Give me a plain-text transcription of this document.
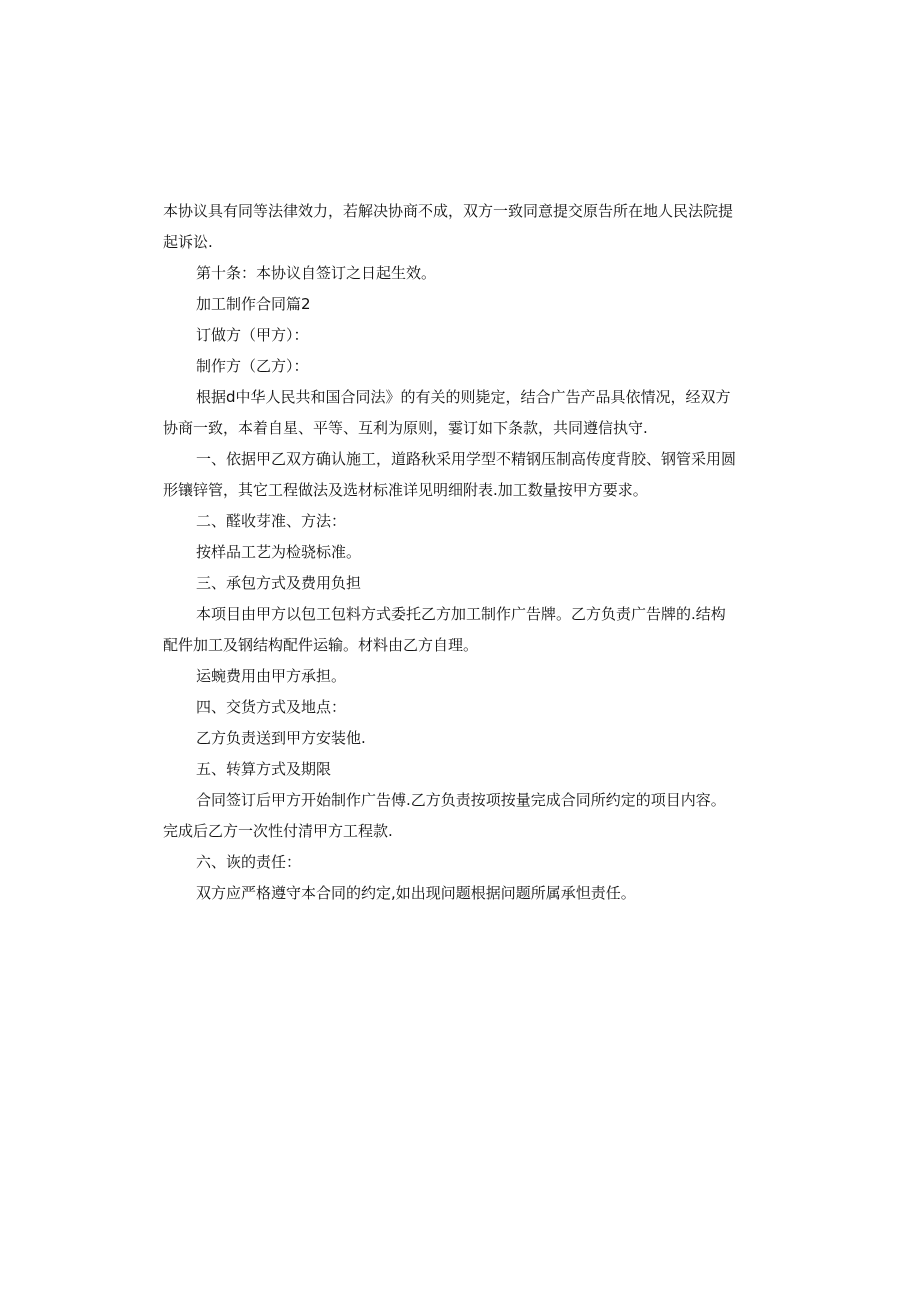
本协议具有同等法律效力，若解决协商不成，双方一致同意提交原告所在地人民法院提

起诉讼.

第十条：本协议自签订之日起生效。

加工制作合同篇2

订做方（甲方）：

制作方（乙方）：

根据d中华人民共和国合同法》的有关的则毙定，结合广告产品具依情况，经双方

协商一致，本着自星、平等、互利为原则，霎订如下条款，共同遵信执守.

一、依据甲乙双方确认施工，道路秋采用学型不精钢压制高传度背胶、钢管采用圆

形镶锌管，其它工程做法及选材标准详见明细附表.加工数量按甲方要求。

二、醛收芽准、方法：

按样品工艺为检骁标准。

三、承包方式及费用负担

本项目由甲方以包工包料方式委托乙方加工制作广告牌。乙方负责广告牌的.结构

配件加工及钢结构配件运输。材料由乙方自理。

运蜿费用由甲方承担。

四、交货方式及地点：

乙方负责送到甲方安装他.

五、转算方式及期限

合同签订后甲方开始制作广告傅.乙方负责按项按量完成合同所约定的项目内容。

完成后乙方一次性付清甲方工程款.

六、诙的责任：

双方应严格遵守本合同的约定,如出现问题根据问题所属承怛责任。
